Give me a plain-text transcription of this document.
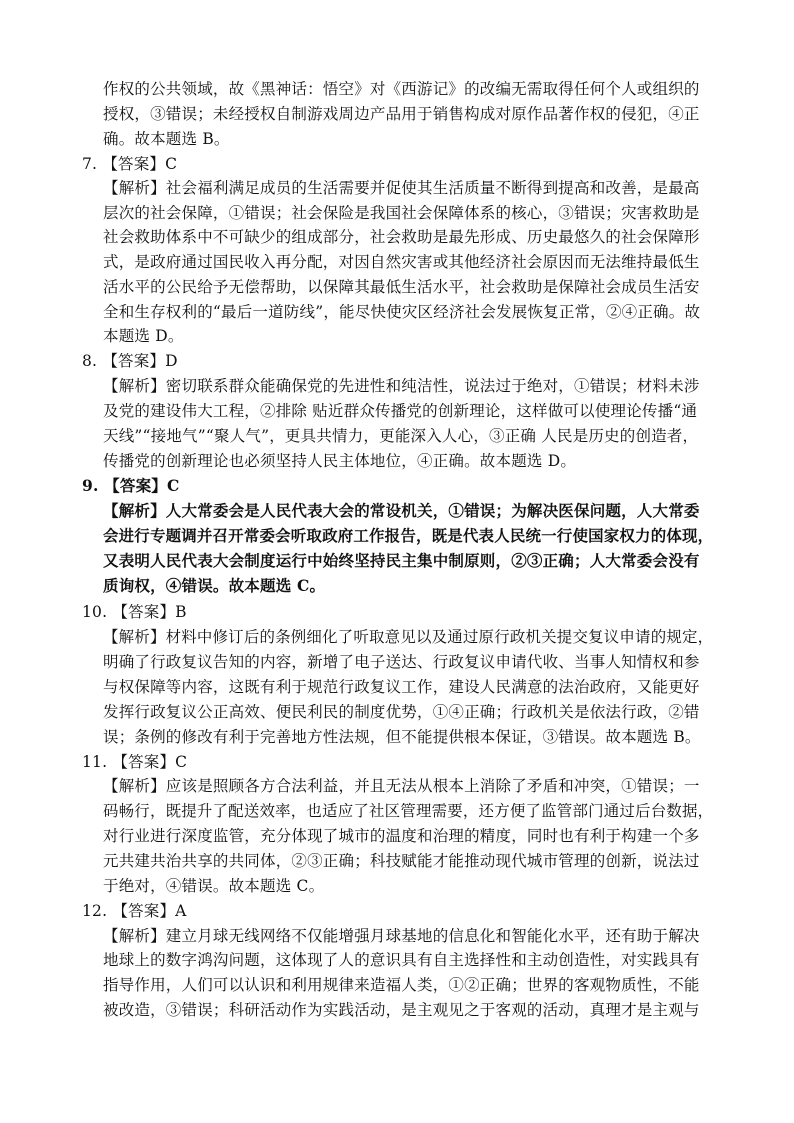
作权的公共领域，故《黑神话：悟空》对《西游记》的改编无需取得任何个人或组织的
授权，③错误；未经授权自制游戏周边产品用于销售构成对原作品著作权的侵犯，④正
确。故本题选 B。
7. 【答案】C
【解析】社会福利满足成员的生活需要并促使其生活质量不断得到提高和改善，是最高
层次的社会保障，①错误；社会保险是我国社会保障体系的核心，③错误；灾害救助是
社会救助体系中不可缺少的组成部分，社会救助是最先形成、历史最悠久的社会保障形
式，是政府通过国民收入再分配，对因自然灾害或其他经济社会原因而无法维持最低生
活水平的公民给予无偿帮助，以保障其最低生活水平，社会救助是保障社会成员生活安
全和生存权利的“最后一道防线”，能尽快使灾区经济社会发展恢复正常，②④正确。故
本题选 D。
8. 【答案】D
【解析】密切联系群众能确保党的先进性和纯洁性，说法过于绝对，①错误；材料未涉
及党的建设伟大工程，②排除 贴近群众传播党的创新理论，这样做可以使理论传播“通
天线”“接地气”“聚人气”，更具共情力，更能深入人心，③正确 人民是历史的创造者，
传播党的创新理论也必须坚持人民主体地位，④正确。故本题选 D。
9. 【答案】C
【解析】人大常委会是人民代表大会的常设机关，①错误；为解决医保问题，人大常委
会进行专题调并召开常委会听取政府工作报告，既是代表人民统一行使国家权力的体现，
又表明人民代表大会制度运行中始终坚持民主集中制原则，②③正确；人大常委会没有
质询权，④错误。故本题选 C。
10. 【答案】B
【解析】材料中修订后的条例细化了听取意见以及通过原行政机关提交复议申请的规定，
明确了行政复议告知的内容，新增了电子送达、行政复议申请代收、当事人知情权和参
与权保障等内容，这既有利于规范行政复议工作，建设人民满意的法治政府，又能更好
发挥行政复议公正高效、便民利民的制度优势，①④正确；行政机关是依法行政，②错
误；条例的修改有利于完善地方性法规，但不能提供根本保证，③错误。故本题选 B。
11. 【答案】C
【解析】应该是照顾各方合法利益，并且无法从根本上消除了矛盾和冲突，①错误；一
码畅行，既提升了配送效率，也适应了社区管理需要，还方便了监管部门通过后台数据，
对行业进行深度监管，充分体现了城市的温度和治理的精度，同时也有利于构建一个多
元共建共治共享的共同体，②③正确；科技赋能才能推动现代城市管理的创新，说法过
于绝对，④错误。故本题选 C。
12. 【答案】A
【解析】建立月球无线网络不仅能增强月球基地的信息化和智能化水平，还有助于解决
地球上的数字鸿沟问题，这体现了人的意识具有自主选择性和主动创造性，对实践具有
指导作用，人们可以认识和利用规律来造福人类，①②正确；世界的客观物质性，不能
被改造，③错误；科研活动作为实践活动，是主观见之于客观的活动，真理才是主观与
